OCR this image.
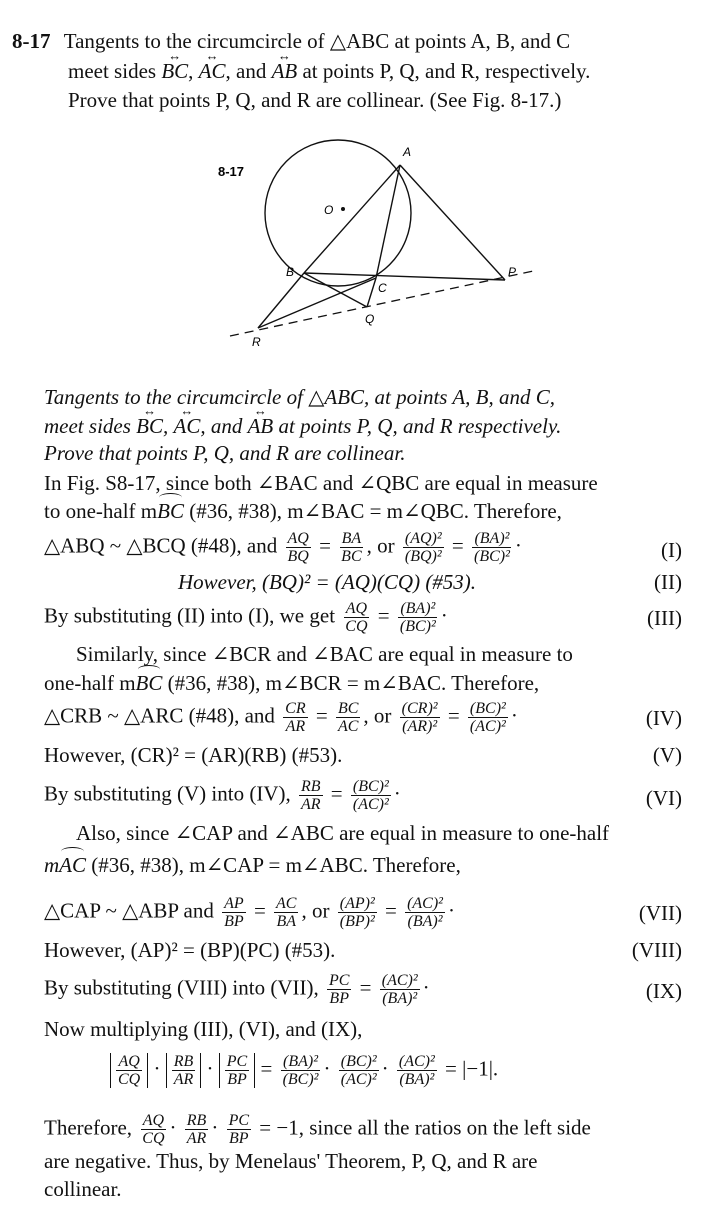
8-17 Tangents to the circumcircle of △ABC at points A, B, and C
meet sides ↔ BC, ↔ AC, and ↔ AB at points P, Q, and R, respectively.
Prove that points P, Q, and R are collinear. (See Fig. 8-17.)
8-17
O
A
B
C
P
Q
R
Tangents to the circumcircle of △ABC, at points A, B, and C,
meet sides ↔ BC, ↔ AC, and ↔ AB at points P, Q, and R respectively.
Prove that points P, Q, and R are collinear.
In Fig. S8-17, since both ∠BAC and ∠QBC are equal in measure
to one-half mBC (#36, #38), m∠BAC = m∠QBC. Therefore,
△ABQ ~ △BCQ (#48), and $\frac{AQ}{BQ} = \frac{BA}{BC}$ , or $\frac{\text{(AQ)²}}{\text{(BQ)²}} = \frac{\text{(BA)²}}{\text{(BC)²}}$ ·	(I)
However, (BQ)² = (AQ)(CQ) (#53).	(II)
By substituting (II) into (I), we get $\frac{AQ}{CQ} = \frac{\text{(BA)²}}{\text{(BC)²}}$ ·	(III)
Similarly, since ∠BCR and ∠BAC are equal in measure to
one-half mBC (#36, #38), m∠BCR = m∠BAC. Therefore,
△CRB ~ △ARC (#48), and $\frac{CR}{AR} = \frac{BC}{AC}$ , or $\frac{\text{(CR)²}}{\text{(AR)²}} = \frac{\text{(BC)²}}{\text{(AC)²}}$ ·	(IV)
However, (CR)² = (AR)(RB) (#53).	(V)
By substituting (V) into (IV), $\frac{RB}{AR} = \frac{\text{(BC)²}}{\text{(AC)²}}$ ·	(VI)
Also, since ∠CAP and ∠ABC are equal in measure to one-half
mAC (#36, #38), m∠CAP = m∠ABC. Therefore,
△CAP ~ △ABP and $\frac{AP}{BP} = \frac{AC}{BA}$ , or $\frac{\text{(AP)²}}{\text{(BP)²}} = \frac{\text{(AC)²}}{\text{(BA)²}}$ ·	(VII)
However, (AP)² = (BP)(PC) (#53).	(VIII)
By substituting (VIII) into (VII), $\frac{PC}{BP} = \frac{\text{(AC)²}}{\text{(BA)²}}$ ·	(IX)
Now multiplying (III), (VI), and (IX),
$\frac{AQ}{CQ} \cdot \frac{RB}{AR} \cdot \frac{PC}{BP} = \frac{\text{(BA)²}}{\text{(BC)²}} \cdot \frac{\text{(BC)²}}{\text{(AC)²}} \cdot \frac{\text{(AC)²}}{\text{(BA)²}} = |-1|$.
Therefore, $\frac{AQ}{CQ} \cdot \frac{RB}{AR} \cdot \frac{PC}{BP} = -1$, since all the ratios on the left side
are negative. Thus, by Menelaus' Theorem, P, Q, and R are
collinear.
